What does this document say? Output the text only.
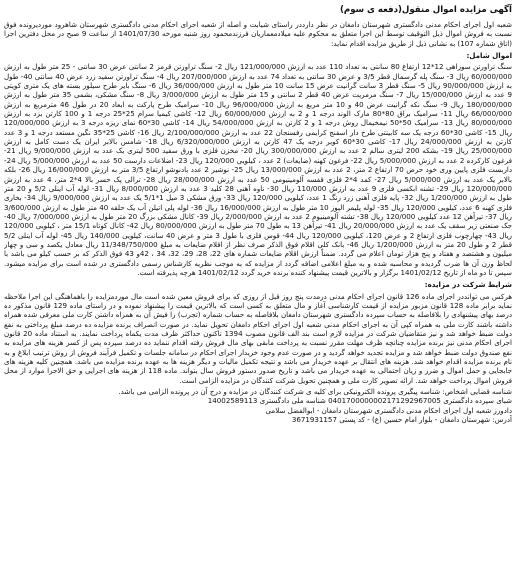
آگهی مزایده اموال منقول(دفعه ی سوم)
شعبه اول اجرای احکام مدنی دادگستری شهرستان دامغان در نظر دارددر راستای شیابت و اصله از شعبه اجرای احکام مدنی دادگستری شهرستان شاهرود موردیرونده فوق نسبت به فروش اموال ذیل التوقیف توسط این اجرا متعلق به محکوم علیه میلادمعماریان فرزندمحمود روز شنبه مورخه 1401/07/30 از ساعت 9 صبح در محل دفترین اجرا (اتاق شماره 107) به نشانی ذیل از طریق مزایده اقدام نماید:
اموال شامل:
سنگ تراورتن سوراهی 12*12 ارتفاع 80 سانتی به تعداد 110 عدد به ارزش 121/000/000 ریال 2- سنگ تراورتن قرمز 2 سانتی عرض 30 سانتی - 25 متر طول به ارزش 60/000/000 ریال 3- سنگ پله گرسمال قطر 3/5 و عرض 30 سانتی به تعداد 74 عدد به ارزش 207/000/000 ریال 4- سنگ تراورتن سفید زرد عرض 40 سانتی 40- طول به ارزش 90/000/000 ریال 5- سنگ قطر 3 سانت گرانیت عرض 15 سانت 10 متر طول به ارزش 36/000/000 ریال 6- سنگ بایر طرح سیلور بسته های یک متری کویتی 9 عدد به ارزش 15/000/000 ریال 7- سنگ مرمریت عرض 40 قطر 2 سانتی و 15 متر طول به ارزش 3/000/000 ریال 8- سنگ مشکی، بشمی 35 متر طول به ارزش 180/000/000 ریال 9- سنگ نکه گرانیت عرض 40 و 10 متر مربع به ارزش 96/000/000 ریال 10- سرامیک طرح پارکت به ابعاد 20 در طول 46 مترمربع به ارزش 66/000/000 ریال 11- سرامیک براق 80*80 مارک الوند درجه 1 و 2 به ارزش 60/000/000 ریال 12- کاشی کیمیا سرام 25*25 درجه 1 و 100 کارتن بزد به ارزش 80/000/000 ریال 13- سرامیک 50*50 نیمخیمال روش درجه 1 و 2 کارتن به ارزش 54/000/000 ریال 14- کاشی 30*60 نمای ریزه درجه 3 به ارزش 120/000/000 ریال 15- کاشی 30*60 درجه یک سه کابینتی طرح دار اسفنج کرایمی رفسنجان 22 عدد به ارزش 2/100/000/000 ریال 16- کاشی 25*35 نگین مستعد درجه 1 و 3 عدد کارتن به ارزش 24/000/000 ریال 17- کاشی 30*60 کویر درجه یک 47 کارتن به ارزش 6/320/000/000 ریال 18- شامس بالابر ایران یک دست کامل به ارزش 25/000/000 ریال 19- بشکه 200 لیتری سالم 2 عدد به ارزش 300/000/000 ریال 20- مخزن فلزی با ورق سفید 500 لیتری یک عدد به ارزش 9/000/000 ریال 21- فرغون کارکرده 2 عدد به ارزش 5/000/000 ریال 22- فرغون کهنه (ضایعات) 2 عدد ، کیلویی 120/000 ریال 23- اضلاعات دارست 50 عدد به ارزش 5/000/000 ریال 24- داربست فلزی پایین وری خود حرض 70 ارتفاع 2 متر، 2 عدد به ارزش 13/000/000 ریال 25- نوشیر 2 عدد بادنوشو ارتفاع 3/5 متر به ارزش 16/000/000 ریال 26- بلکه بالابر یک عدد به ارزش 5/000/000 ریال 27- کمد 4*2 فلزی قفسه آلومینیومی 50 عدد به ارزش 28/000/000 ریال 28- ترالی پک حسر بالا 4*2 متر، 4 عدد به ارزش 120/000/000 ریال 29- تشنه ابکسی فلزی 9 عدد به ارزش 110/000 ریال 30- ناوه آهنی 28 کلید 3 عدد به ارزش 8/000/000 ریال 31- لوله آب اینلی 5/2 و 20 متر طول به ارزش 1/200/000 ریال 32- پایه فلزی آهنی زرد رنگ 1 عدد، کیلویی 120/000 ریال 33- ورق مشکی 3 میل 1*5/1 یک عدد به ارزش 9/000/000 ریال 34- بخاری فلزی کهنه 6 عدد، کیلویی 120/000 ریال 35- لوله پلیمر الپوز 10 متر طول به ارزش 16/000/000 ریال 36- لوله پلی اتیلن آب یک حلقه 40 متر طول به ارزش 3/600/000 ریال 37- تیرآهن 12 عدد کیلویی 120/000 ریال 38- تشته آلومینیوم 2 عدد به ارزش 2/000/000 ریال 39- کانال مشکی بزرگ 20 متر طول به ارزش 7/000/000 ریال 40- جک صنعتی زیر سقف یک عدد به ارزش 20/000/000 ریال 41- تیرآهن 13 به طول 70 متر طول به ارزش 80/000/000 ریال 42- کانال کوتاه 15/1 متر ، کیلویی 120/000 ریال 43- چهارچوب فلزی ارتفاع 2 و عرض 120، کیلویی 120/000 ریال 44- قوس فلزی با طول 3 متر و عرض 40 سانت، کیلویی 140/000 ریال 45- لوله آب اینلی 5/2 قطر 2 و طول 20 متر به ارزش 1/200/000 ریال 46- بانک کلی اقلام فوق الذکر صرف نظر از اقلام ضایعات به مبلغ 11/348/750/000 ریال معادل یکصد و سی و چهار میلیون و هشتصد و هفتاد و پنج هزار تومان اعلام می گردد. ضمناً ارزش اقلام ضایعات شماره های 22، 28، 29، 32، 34 ، 42و 43 فوق الذکر که بر حسب کیلو می باشد با لحاظ وزن آن ها ضرب گردیده و محاسبه شده و به مبلغ اعلامی اضافه گردد از مزایده که به موجب نظریه کارشناس رسمی دادگستری در شده است برای مزایده میشود. سپس تا دو ماه از تاریخ 1401/02/12 برگزار و بالاترین قیمت پیشنهاد کننده برنده خرید گردد 1401/02/12 هرچه پذیرفته است.
شرایط شرکت در مزایده:
هرکس می توانددر اجرای ماده 126 قانون اجرای احکام مدنی درمدت پنج روز قبل از روزی که برای فروش معین شده است مال موردمزایده را باهماهنگی این اجرا ملاحظه نماید برابر ماده 128 قانون مزبور مزایده از قیمت کارشناسی آغاز و مال متعلق به کسی است که بالاترین قیمت را پیشنهاد نموده و در راستای ماده 129 قانون مذکور ده درصد بهای پیشنهادی را بلافاصله به حساب سپرده دادگستری شهرستان دامغان بلافاصله به حساب شماره (تجرب) را فیش آن به همراه داشتن کارت ملی معرفی شده همراه داشته باشند کارت ملی به همراه کپی آن به اجرای احکام مدنی شعبه اول اجرای احکام دامغان تحویل نماید. در صورت انصراف برنده مزایده ده درصد مبلغ پرداختی به نفع دولت ضبط خواهد شد و نیز متقاضیان شرکت در مزایده لازم است بند الف قانون مصوب 1394 تاکنون حداکثر ظرف مدت یکماه پرداخت نمایند. به استناد ماده 20 قانون اجرای احکام مدنی نیز برنده مزایده چنانچه ظرف مهلت مقرر نسبت به پرداخت مابقی بهای مال فروش رفته اقدام ننماید ده درصد سپرده پس از کسر هزینه های مزایده به نفع صندوق دولت ضبط خواهد شد و مزایده تجدید خواهد گردید و در صورت عدم وجود خریدار اجرای احکام در سامانه جلسات و تکمیل فرآیند فروش از روش ترتیب ابلاغ و به نام برنده مزایده اقدام خواهد شد. هزینه های انتقال بر عهده خریدار می باشد و نتیجه تکمیل مالیات و دیگر هزینه ها به عهده برنده مزایده می باشد. همچنین کلیه هزینه های جابجایی و حمل اموال و ضرر و زیان احتمالی به عهده خریدار می باشد و تاریخ صدور دستور فروش سال بتواند. ماده 118 از هزینه های اجرایی و حق الاجرا موارد از محل فروش اموال پرداخت خواهد شد. ارائه تصویر کارت ملی و همچنین تحویل شرکت کنندگان در مزایده الزامی است.
شناسه قضایی اشخاص: شناسه پیگیری پرونده الکترونیکی برای کلیه ی شرکت کنندگان در مزایده و درج آن در پرونده الزامی می باشد.
شبای سپرده دادگستری 0401700000002171292967005 شناسه ملی دادگستری 14002589113
دادورز شعبه اول اجرای احکام مدنی دادگستری شهرستان دامغان - ابوالفضل سلامی
آدرس: شهرستان دامغان - بلوار امام حسین (ع) - کد پستی 3671931157
